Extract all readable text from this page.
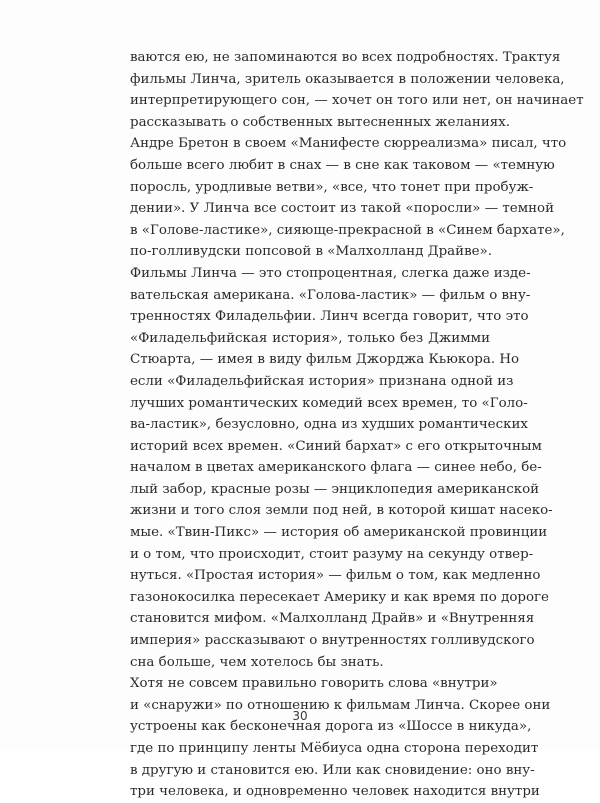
ваются ею, не запоминаются во всех подробностях. Трактуя
фильмы Линча, зритель оказывается в положении человека,
интерпретирующего сон, — хочет он того или нет, он начинает
рассказывать о собственных вытесненных желаниях.
Андре Бретон в своем «Манифесте сюрреализма» писал, что
больше всего любит в снах — в сне как таковом — «темную
поросль, уродливые ветви», «все, что тонет при пробуж-
дении». У Линча все состоит из такой «поросли» — темной
в «Голове-ластике», сияюще-прекрасной в «Синем бархате»,
по-голливудски попсовой в «Малхолланд Драйве».
Фильмы Линча — это стопроцентная, слегка даже изде-
вательская американа. «Голова-ластик» — фильм о вну-
тренностях Филадельфии. Линч всегда говорит, что это
«Филадельфийская история», только без Джимми
Стюарта, — имея в виду фильм Джорджа Кьюкора. Но
если «Филадельфийская история» признана одной из
лучших романтических комедий всех времен, то «Голо-
ва-ластик», безусловно, одна из худших романтических
историй всех времен. «Синий бархат» с его открыточным
началом в цветах американского флага — синее небо, бе-
лый забор, красные розы — энциклопедия американской
жизни и того слоя земли под ней, в которой кишат насеко-
мые. «Твин-Пикс» — история об американской провинции
и о том, что происходит, стоит разуму на секунду отвер-
нуться. «Простая история» — фильм о том, как медленно
газонокосилка пересекает Америку и как время по дороге
становится мифом. «Малхолланд Драйв» и «Внутренняя
империя» рассказывают о внутренностях голливудского
сна больше, чем хотелось бы знать.
Хотя не совсем правильно говорить слова «внутри»
и «снаружи» по отношению к фильмам Линча. Скорее они
устроены как бесконечная дорога из «Шоссе в никуда»,
где по принципу ленты Мёбиуса одна сторона переходит
в другую и становится ею. Или как сновидение: оно вну-
три человека, и одновременно человек находится внутри
30
